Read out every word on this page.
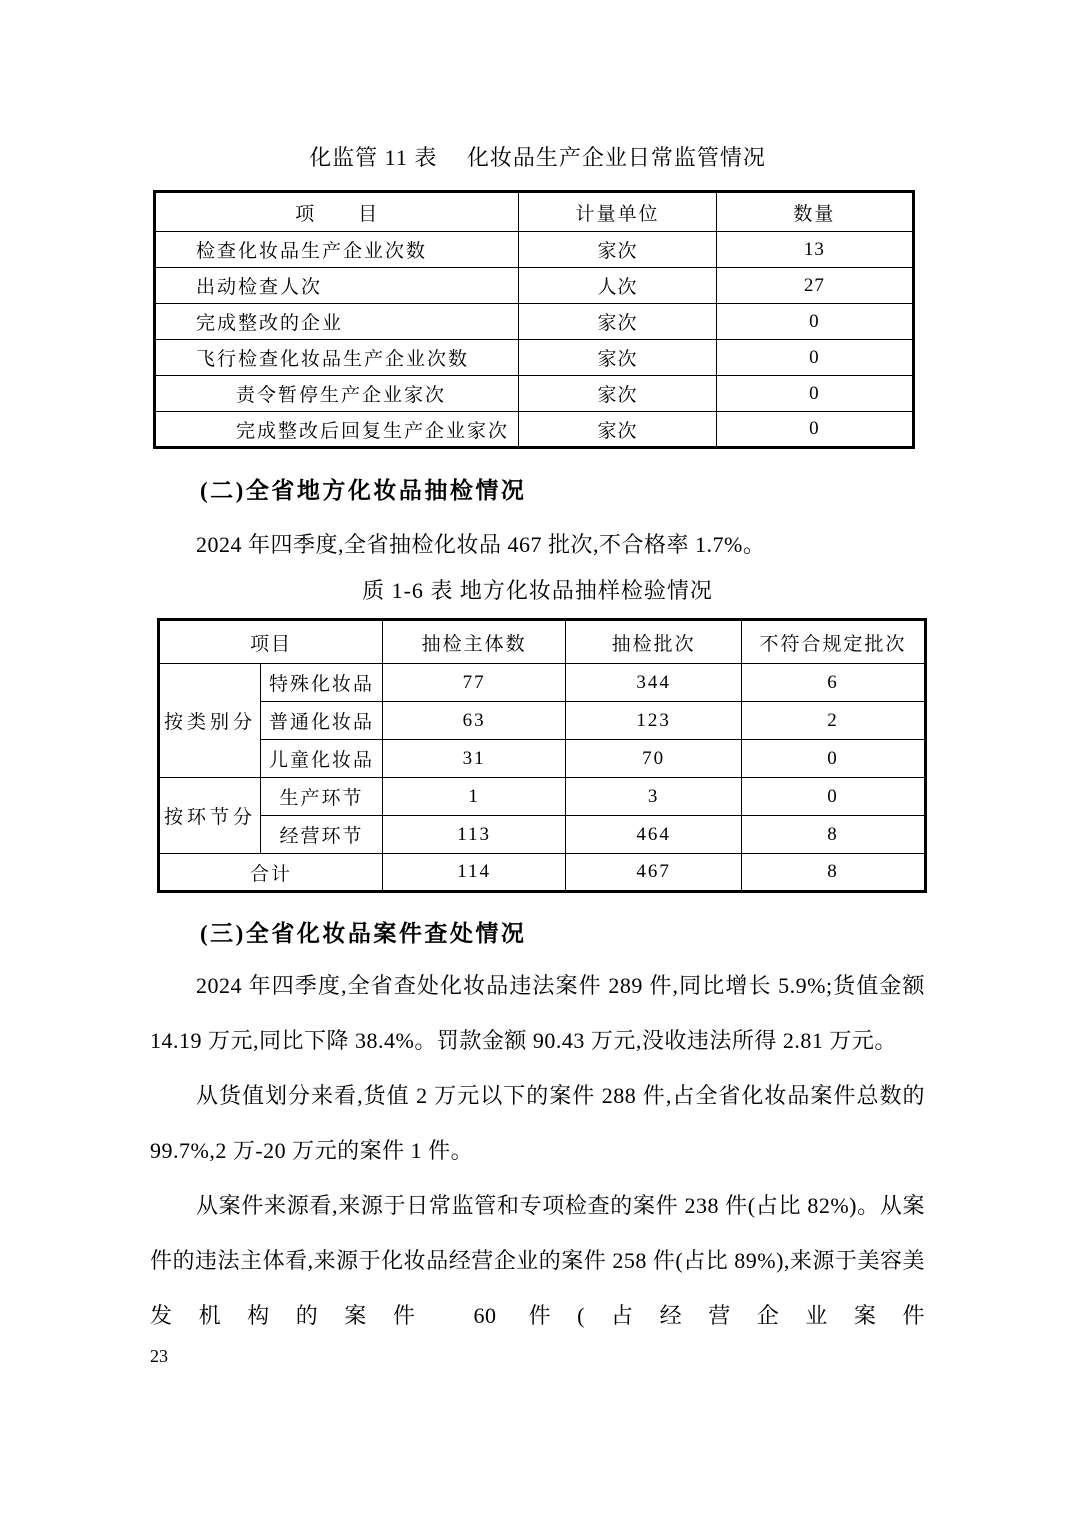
化监管 11 表　 化妆品生产企业日常监管情况
项　　目	计量单位	数量
检查化妆品生产企业次数	家次	13
出动检查人次	人次	27
完成整改的企业	家次	0
飞行检查化妆品生产企业次数	家次	0
责令暂停生产企业家次	家次	0
完成整改后回复生产企业家次	家次	0
(二)全省地方化妆品抽检情况

2024 年四季度,全省抽检化妆品 467 批次,不合格率 1.7%。

质 1-6 表 地方化妆品抽样检验情况
项目		抽检主体数	抽检批次	不符合规定批次
按类别分	特殊化妆品	77	344	6
	普通化妆品	63	123	2
	儿童化妆品	31	70	0
按环节分	生产环节	1	3	0
	经营环节	113	464	8
合计		114	467	8
(三)全省化妆品案件查处情况

2024 年四季度,全省查处化妆品违法案件 289 件,同比增长 5.9%;货值金额 14.19 万元,同比下降 38.4%。罚款金额 90.43 万元,没收违法所得 2.81 万元。

从货值划分来看,货值 2 万元以下的案件 288 件,占全省化妆品案件总数的 99.7%,2 万-20 万元的案件 1 件。

从案件来源看,来源于日常监管和专项检查的案件 238 件(占比 82%)。从案件的违法主体看,来源于化妆品经营企业的案件 258 件(占比 89%),来源于美容美发机构的案件 60 件(占经营企业案件

23
